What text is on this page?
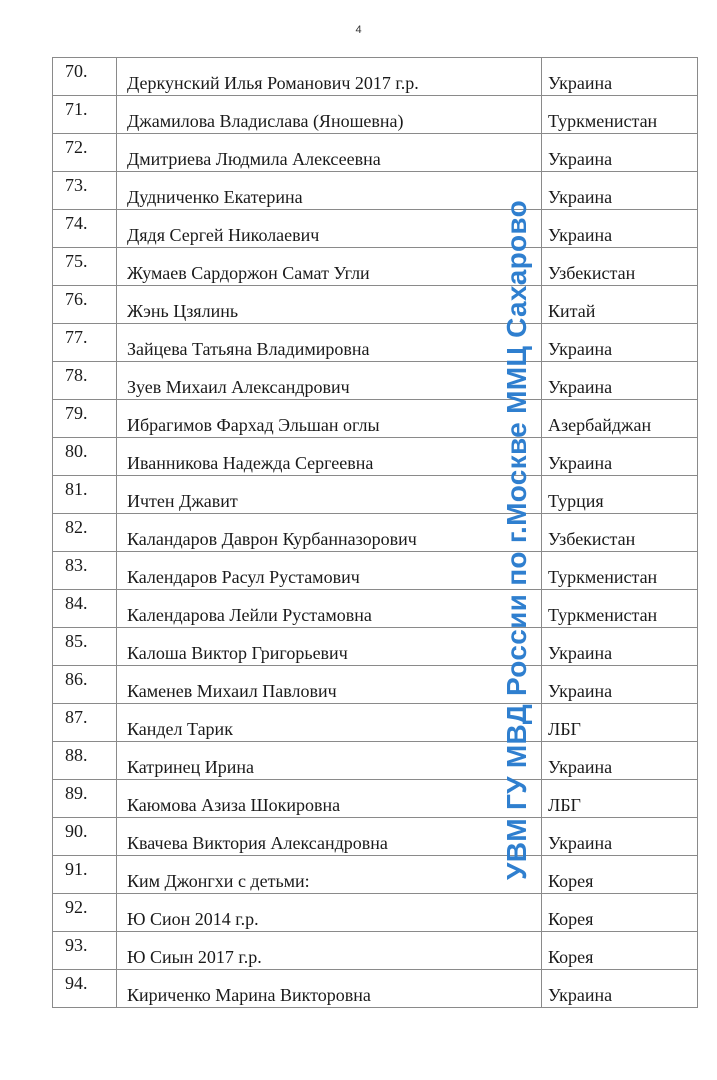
4
70.	Деркунский Илья Романович 2017 г.р.	Украина
71.	Джамилова Владислава (Яношевна)	Туркменистан
72.	Дмитриева Людмила Алексеевна	Украина
73.	Дудниченко Екатерина	Украина
74.	Дядя Сергей Николаевич	Украина
75.	Жумаев Сардоржон Самат Угли	Узбекистан
76.	Жэнь Цзялинь	Китай
77.	Зайцева Татьяна Владимировна	Украина
78.	Зуев Михаил Александрович	Украина
79.	Ибрагимов Фархад Эльшан оглы	Азербайджан
80.	Иванникова Надежда Сергеевна	Украина
81.	Ичтен Джавит	Турция
82.	Каландаров Даврон Курбанназорович	Узбекистан
83.	Календаров Расул Рустамович	Туркменистан
84.	Календарова Лейли Рустамовна	Туркменистан
85.	Калоша Виктор Григорьевич	Украина
86.	Каменев Михаил Павлович	Украина
87.	Кандел Тарик	ЛБГ
88.	Катринец Ирина	Украина
89.	Каюмова Азиза Шокировна	ЛБГ
90.	Квачева Виктория Александровна	Украина
91.	Ким Джонгхи с детьми:	Корея
92.	Ю Сион 2014 г.р.	Корея
93.	Ю Сиын 2017 г.р.	Корея
94.	Кириченко Марина Викторовна	Украина
УВМ ГУ МВД России по г.Москве ММЦ Сахарово
